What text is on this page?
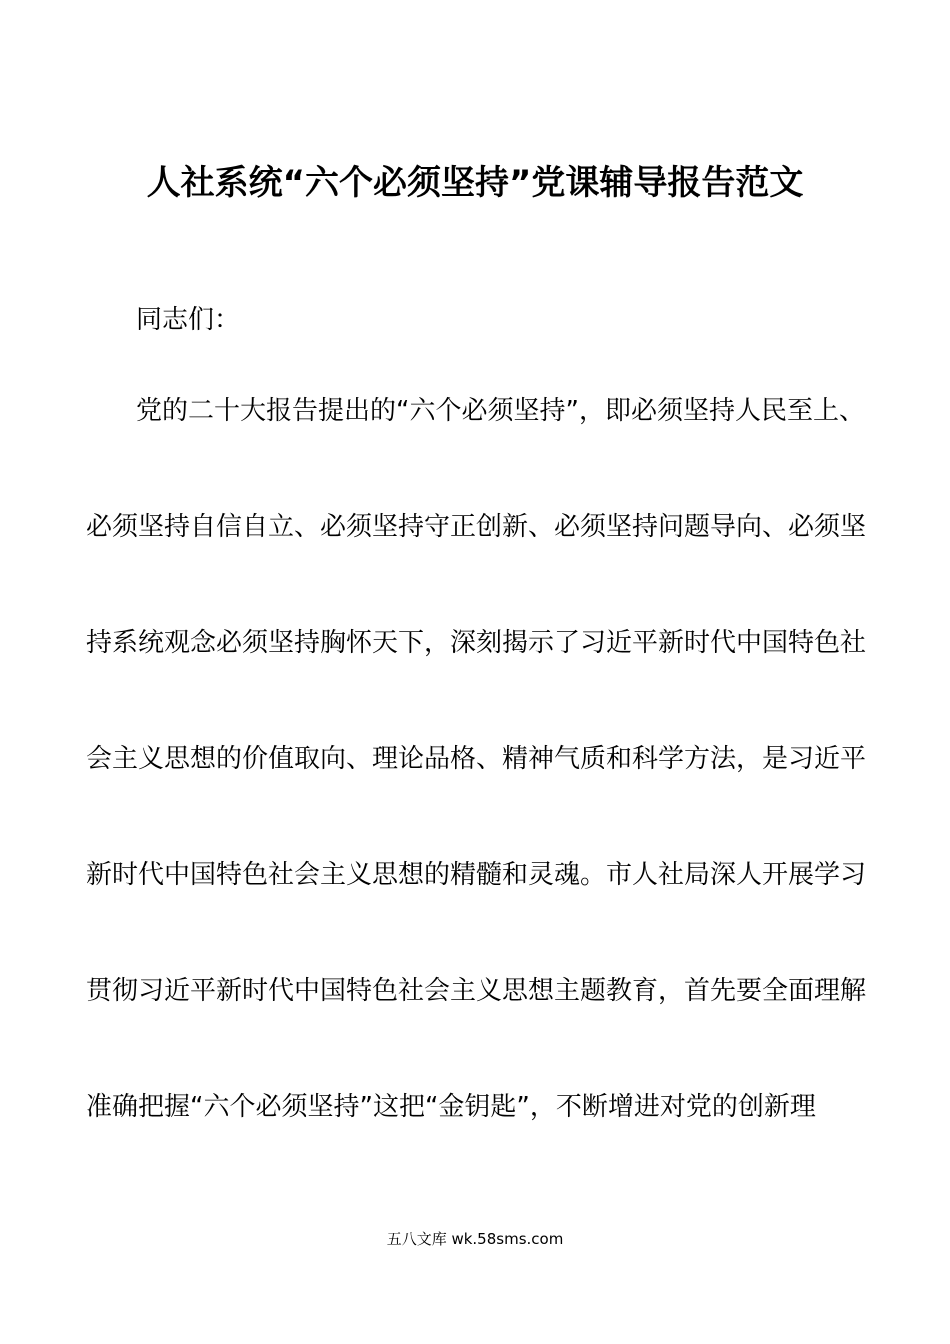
人社系统“六个必须坚持”党课辅导报告范文
同志们：
党的二十大报告提出的“六个必须坚持”，即必须坚持人民至上、
必须坚持自信自立、必须坚持守正创新、必须坚持问题导向、必须坚
持系统观念必须坚持胸怀天下，深刻揭示了习近平新时代中国特色社
会主义思想的价值取向、理论品格、精神气质和科学方法，是习近平
新时代中国特色社会主义思想的精髓和灵魂。市人社局深人开展学习
贯彻习近平新时代中国特色社会主义思想主题教育，首先要全面理解
准确把握“六个必须坚持”这把“金钥匙”，不断增进对党的创新理
五八文库 wk.58sms.com
